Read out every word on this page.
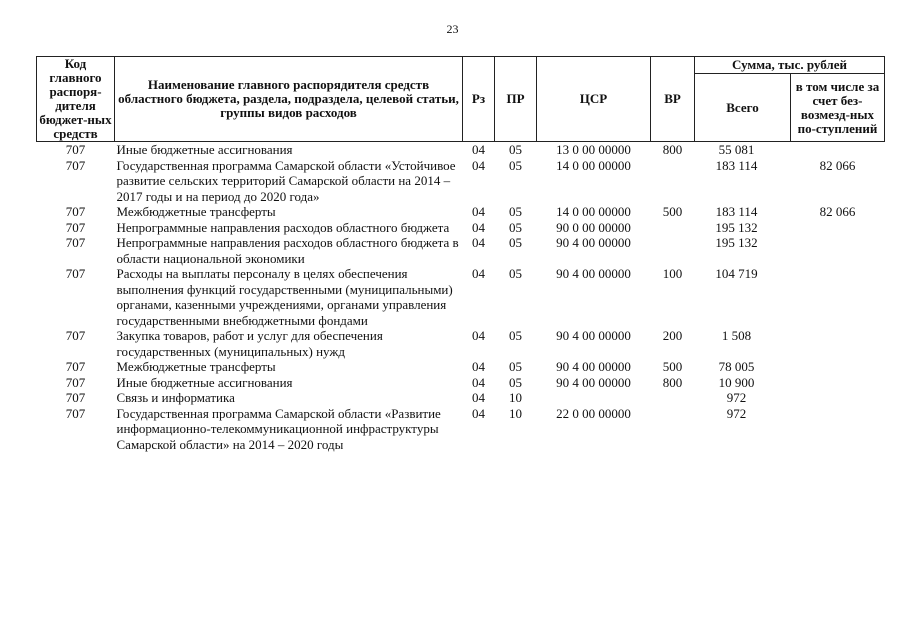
23
Код главного распоря-дителя бюджет-ных средств	Наименование главного распорядителя средств областного бюджета, раздела, подраздела, целевой статьи, группы видов расходов	Рз	ПР	ЦСР	ВР	Сумма, тыс. рублей	
						Всего	в том числе за счет без-возмезд-ных по-ступлений
707	Иные бюджетные ассигнования	04	05	13 0 00 00000	800	55 081	
707	Государственная программа Самарской области «Устойчивое развитие сельских территорий Самарской области на 2014 – 2017 годы и на период до 2020 года»	04	05	14 0 00 00000		183 114	82 066
707	Межбюджетные трансферты	04	05	14 0 00 00000	500	183 114	82 066
707	Непрограммные направления расходов областного бюджета	04	05	90 0 00 00000		195 132	
707	Непрограммные направления расходов областного бюджета в области национальной экономики	04	05	90 4 00 00000		195 132	
707	Расходы на выплаты персоналу в целях обеспечения выполнения функций государственными (муниципальными) органами, казенными учреждениями, органами управления государственными внебюджетными фондами	04	05	90 4 00 00000	100	104 719	
707	Закупка товаров, работ и услуг для обеспечения государственных (муниципальных) нужд	04	05	90 4 00 00000	200	1 508	
707	Межбюджетные трансферты	04	05	90 4 00 00000	500	78 005	
707	Иные бюджетные ассигнования	04	05	90 4 00 00000	800	10 900	
707	Связь и информатика	04	10			972	
707	Государственная программа Самарской области «Развитие информационно-телекоммуникационной инфраструктуры Самарской области» на 2014 – 2020 годы	04	10	22 0 00 00000		972	
